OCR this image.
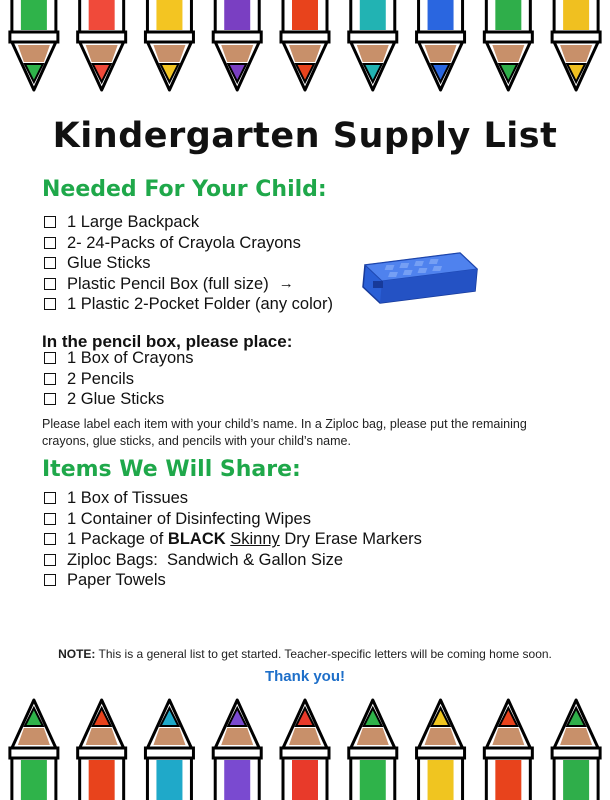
Kindergarten Supply List
Needed For Your Child:
1 Large Backpack
2- 24-Packs of Crayola Crayons
Glue Sticks
Plastic Pencil Box (full size) →
1 Plastic 2-Pocket Folder (any color)
In the pencil box, please place:
1 Box of Crayons
2 Pencils
2 Glue Sticks
Please label each item with your child’s name. In a Ziploc bag, please put the remaining crayons, glue sticks, and pencils with your child’s name.
Items We Will Share:
1 Box of Tissues
1 Container of Disinfecting Wipes
1 Package of BLACK
Skinny Dry Erase Markers
Ziploc Bags:  Sandwich & Gallon Size
Paper Towels
NOTE: This is a general list to get started. Teacher-specific letters will be coming home soon.
Thank you!
